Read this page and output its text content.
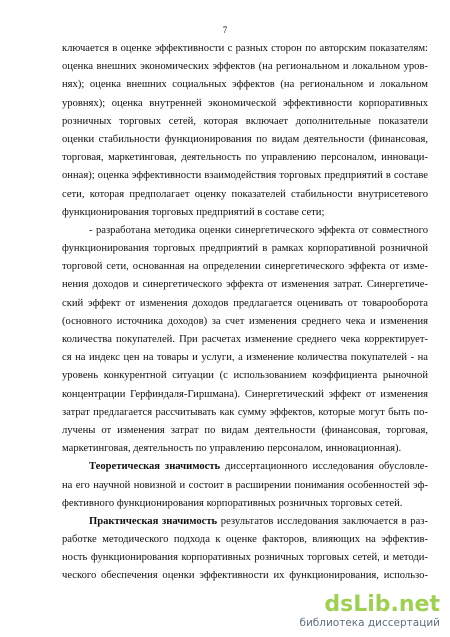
7
ключается в оценке эффективности с разных сторон по авторским показателям:
оценка внешних экономических эффектов (на региональном и локальном уров-
нях); оценка внешних социальных эффектов (на региональном и локальном
уровнях); оценка внутренней экономической эффективности корпоративных
розничных торговых сетей, которая включает дополнительные показатели
оценки стабильности функционирования по видам деятельности (финансовая,
торговая, маркетинговая, деятельность по управлению персоналом, инноваци-
онная); оценка эффективности взаимодействия торговых предприятий в составе
сети, которая предполагает оценку показателей стабильности внутрисетевого
функционирования торговых предприятий в составе сети;
- разработана методика оценки синергетического эффекта от совместного
функционирования торговых предприятий в рамках корпоративной розничной
торговой сети, основанная на определении синергетического эффекта от изме-
нения доходов и синергетического эффекта от изменения затрат. Синергетиче-
ский эффект от изменения доходов предлагается оценивать от товарооборота
(основного источника доходов) за счет изменения среднего чека и изменения
количества покупателей. При расчетах изменение среднего чека корректирует-
ся на индекс цен на товары и услуги, а изменение количества покупателей - на
уровень конкурентной ситуации (с использованием коэффициента рыночной
концентрации Герфиндаля-Гиршмана). Синергетический эффект от изменения
затрат предлагается рассчитывать как сумму эффектов, которые могут быть по-
лучены от изменения затрат по видам деятельности (финансовая, торговая,
маркетинговая, деятельность по управлению персоналом, инновационная).
Теоретическая значимость диссертационного исследования обусловле-
на его научной новизной и состоит в расширении понимания особенностей эф-
фективного функционирования корпоративных розничных торговых сетей.
Практическая значимость результатов исследования заключается в раз-
работке методического подхода к оценке факторов, влияющих на эффектив-
ность функционирования корпоративных розничных торговых сетей, и методи-
ческого обеспечения оценки эффективности их функционирования, использо-
dsLib.net
библиотека диссертаций
